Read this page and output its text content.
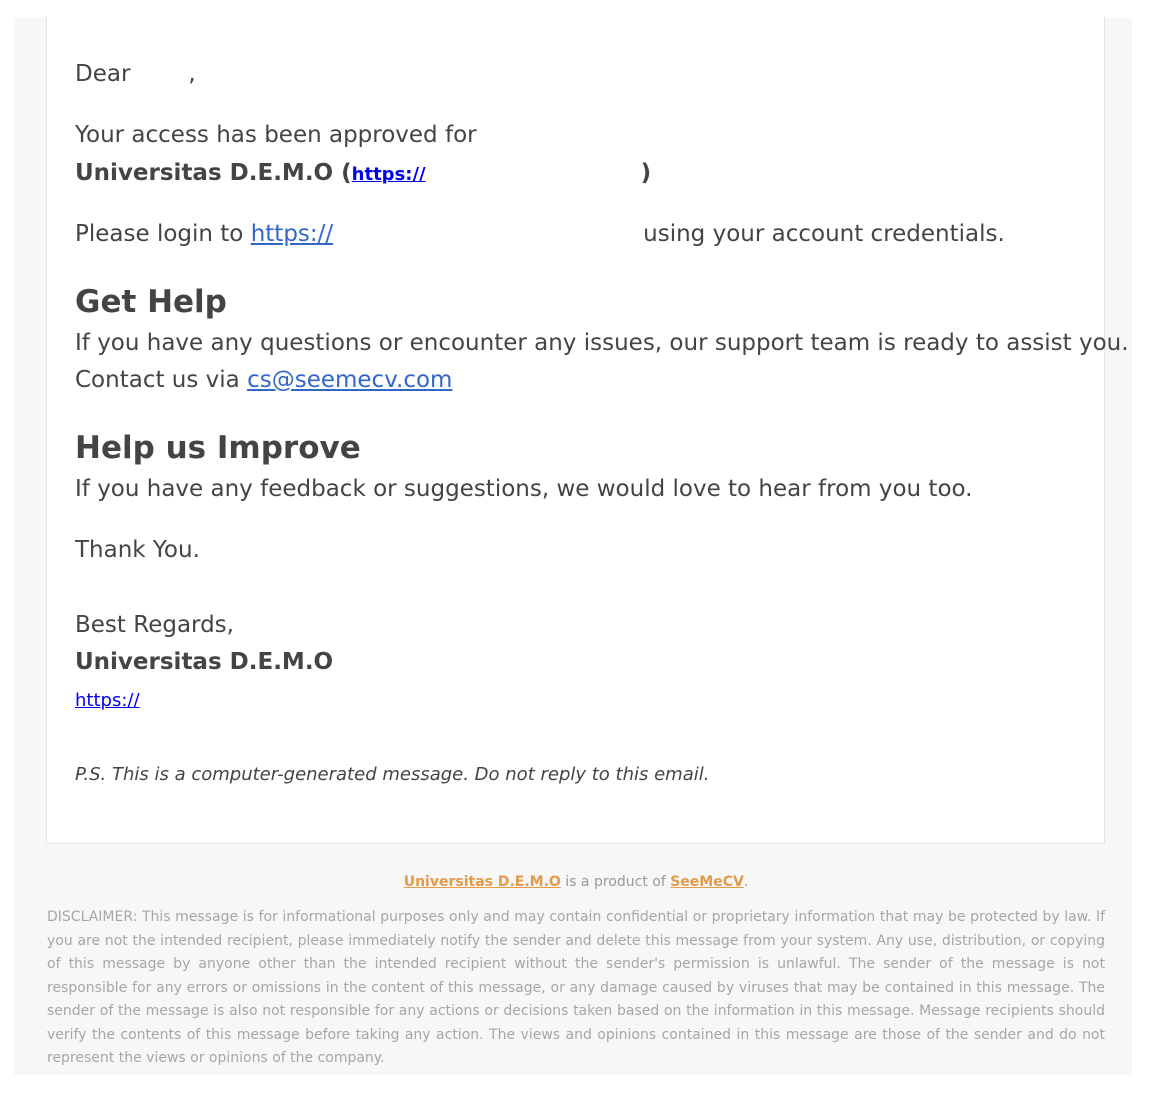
Dear	,
Your access has been approved for
Universitas D.E.M.O (https://	)
Please login to https://	using your account credentials.
Get Help
If you have any questions or encounter any issues, our support team is ready to assist you.
Contact us via cs@seemecv.com
Help us Improve
If you have any feedback or suggestions, we would love to hear from you too.
Thank You.
Best Regards,
Universitas D.E.M.O
https://
P.S. This is a computer-generated message. Do not reply to this email.
Universitas D.E.M.O is a product of SeeMeCV.
DISCLAIMER: This message is for informational purposes only and may contain confidential or proprietary information that may be protected by law. If you are not the intended recipient, please immediately notify the sender and delete this message from your system. Any use, distribution, or copying of this message by anyone other than the intended recipient without the sender's permission is unlawful. The sender of the message is not responsible for any errors or omissions in the content of this message, or any damage caused by viruses that may be contained in this message. The sender of the message is also not responsible for any actions or decisions taken based on the information in this message. Message recipients should verify the contents of this message before taking any action. The views and opinions contained in this message are those of the sender and do not represent the views or opinions of the company.
